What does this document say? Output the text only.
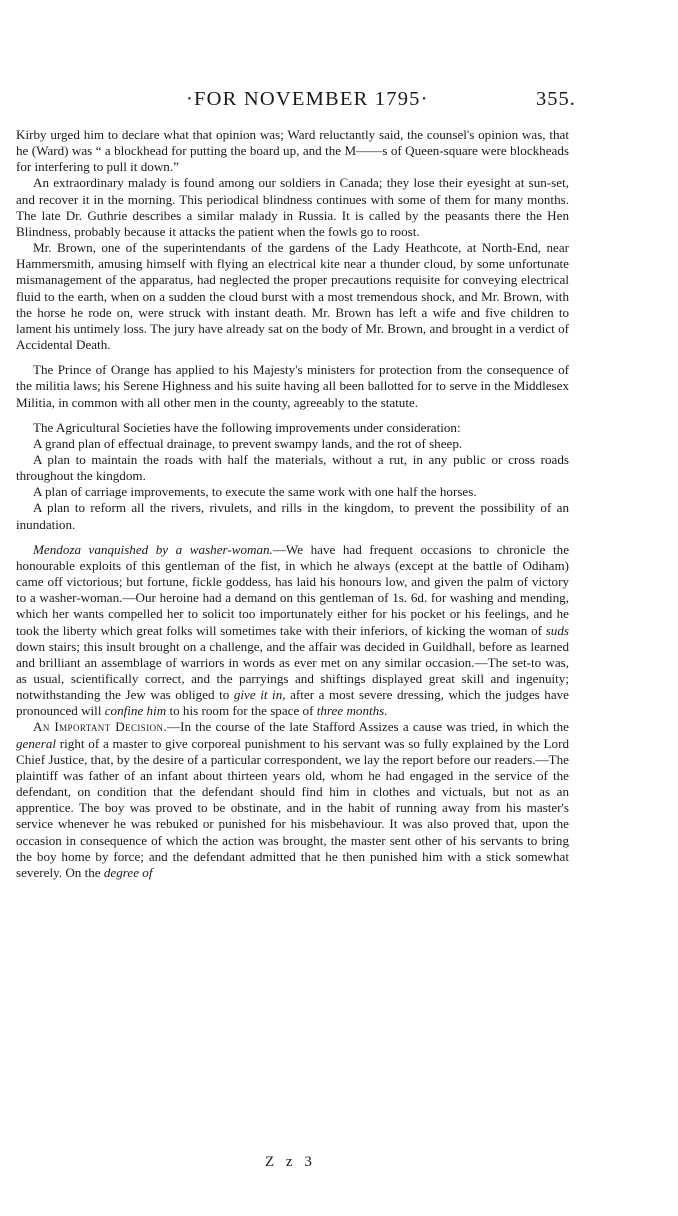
·FOR NOVEMBER 1795·	355.

Kirby urged him to declare what that opinion was; Ward reluctantly said, the counsel's opinion was, that he (Ward) was “ a blockhead for putting the board up, and the M——s of Queen-square were blockheads for interfering to pull it down.”

An extraordinary malady is found among our soldiers in Canada; they lose their eyesight at sun-set, and recover it in the morning. This periodical blindness continues with some of them for many months. The late Dr. Guthrie describes a similar malady in Russia. It is called by the peasants there the Hen Blindness, probably because it attacks the patient when the fowls go to roost.

Mr. Brown, one of the superintendants of the gardens of the Lady Heathcote, at North-End, near Hammersmith, amusing himself with flying an electrical kite near a thunder cloud, by some unfortunate mismanagement of the apparatus, had neglected the proper precautions requisite for conveying electrical fluid to the earth, when on a sudden the cloud burst with a most tremendous shock, and Mr. Brown, with the horse he rode on, were struck with instant death. Mr. Brown has left a wife and five children to lament his untimely loss. The jury have already sat on the body of Mr. Brown, and brought in a verdict of Accidental Death.

The Prince of Orange has applied to his Majesty's ministers for protection from the consequence of the militia laws; his Serene Highness and his suite having all been ballotted for to serve in the Middlesex Militia, in common with all other men in the county, agreeably to the statute.

The Agricultural Societies have the following improvements under consideration:

A grand plan of effectual drainage, to prevent swampy lands, and the rot of sheep.

A plan to maintain the roads with half the materials, without a rut, in any public or cross roads throughout the kingdom.

A plan of carriage improvements, to execute the same work with one half the horses.

A plan to reform all the rivers, rivulets, and rills in the kingdom, to prevent the possibility of an inundation.

Mendoza vanquished by a washer-woman.—We have had frequent occasions to chronicle the honourable exploits of this gentleman of the fist, in which he always (except at the battle of Odiham) came off victorious; but fortune, fickle goddess, has laid his honours low, and given the palm of victory to a washer-woman.—Our heroine had a demand on this gentleman of 1s. 6d. for washing and mending, which her wants compelled her to solicit too importunately either for his pocket or his feelings, and he took the liberty which great folks will sometimes take with their inferiors, of kicking the woman of suds down stairs; this insult brought on a challenge, and the affair was decided in Guildhall, before as learned and brilliant an assemblage of warriors in words as ever met on any similar occasion.—The set-to was, as usual, scientifically correct, and the parryings and shiftings displayed great skill and ingenuity; notwithstanding the Jew was obliged to give it in, after a most severe dressing, which the judges have pronounced will confine him to his room for the space of three months.

An Important Decision.—In the course of the late Stafford Assizes a cause was tried, in which the general right of a master to give corporeal punishment to his servant was so fully explained by the Lord Chief Justice, that, by the desire of a particular correspondent, we lay the report before our readers.—The plaintiff was father of an infant about thirteen years old, whom he had engaged in the service of the defendant, on condition that the defendant should find him in clothes and victuals, but not as an apprentice. The boy was proved to be obstinate, and in the habit of running away from his master's service whenever he was rebuked or punished for his misbehaviour. It was also proved that, upon the occasion in consequence of which the action was brought, the master sent other of his servants to bring the boy home by force; and the defendant admitted that he then punished him with a stick somewhat severely. On the degree of

Z z 3
